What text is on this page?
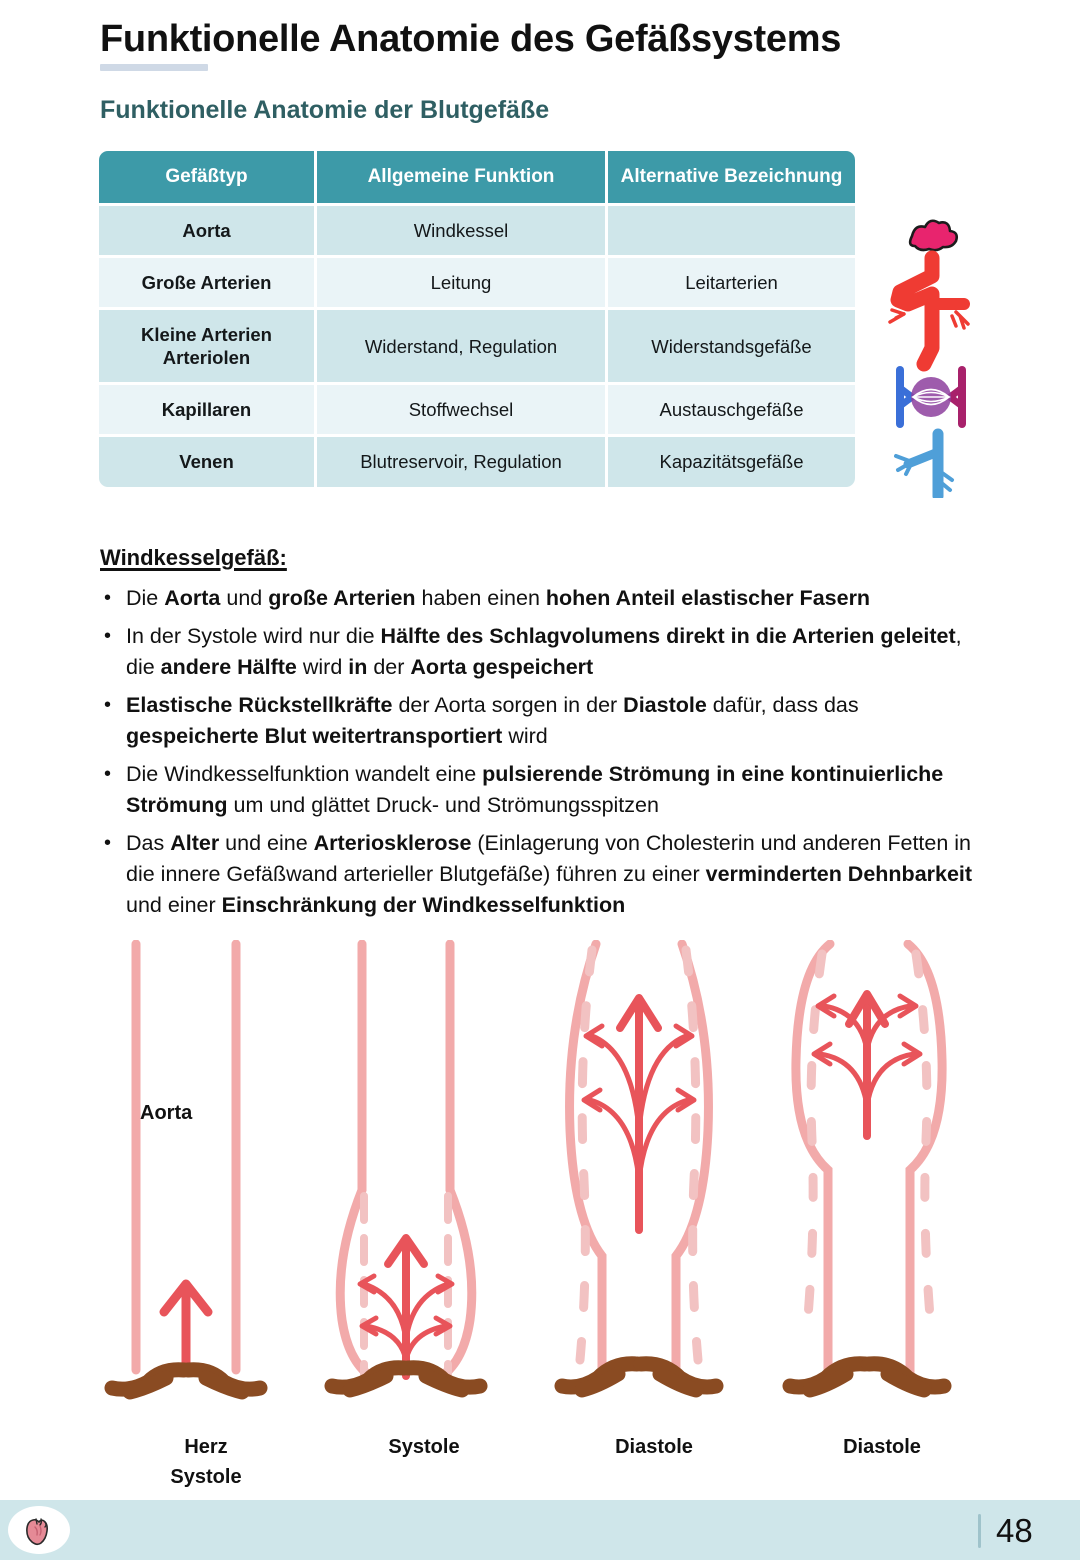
Funktionelle Anatomie des Gefäßsystems
Funktionelle Anatomie der Blutgefäße
Gefäßtyp	Allgemeine Funktion	Alternative Bezeichnung
Aorta	Windkessel	
Große Arterien	Leitung	Leitarterien
Kleine Arterien Arteriolen	Widerstand, Regulation	Widerstandsgefäße
Kapillaren	Stoffwechsel	Austauschgefäße
Venen	Blutreservoir, Regulation	Kapazitätsgefäße
Windkesselgefäß:
• Die Aorta und große Arterien haben einen hohen Anteil elastischer Fasern
• In der Systole wird nur die Hälfte des Schlagvolumens direkt in die Arterien geleitet, die andere Hälfte wird in der Aorta gespeichert
• Elastische Rückstellkräfte der Aorta sorgen in der Diastole dafür, dass das gespeicherte Blut weitertransportiert wird
• Die Windkesselfunktion wandelt eine pulsierende Strömung in eine kontinuierliche Strömung um und glättet Druck- und Strömungsspitzen
• Das Alter und eine Arteriosklerose (Einlagerung von Cholesterin und anderen Fetten in die innere Gefäßwand arterieller Blutgefäße) führen zu einer verminderten Dehnbarkeit und einer Einschränkung der Windkesselfunktion
Aorta
Herz
Systole
Systole	Diastole	Diastole
48
